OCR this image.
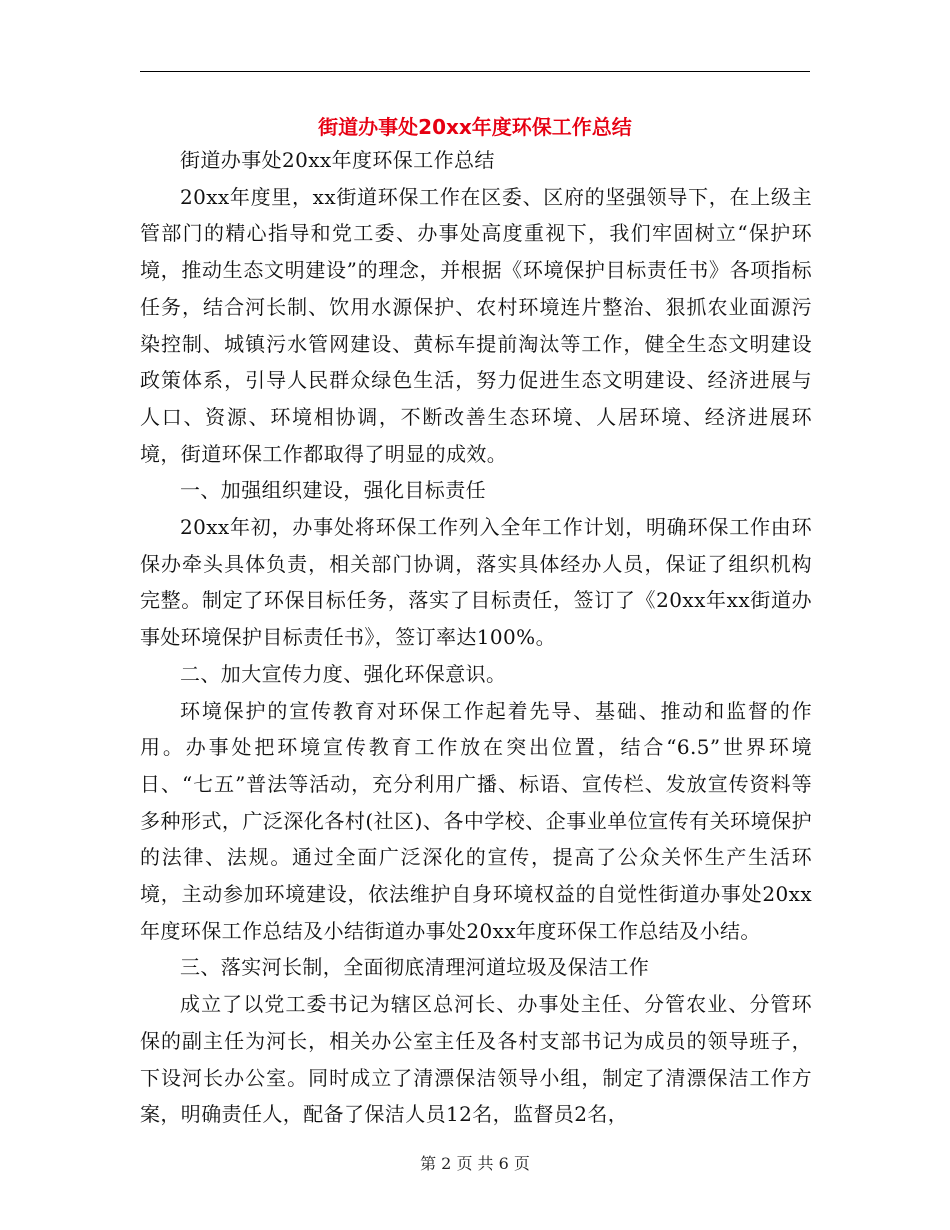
街道办事处20xx年度环保工作总结

街道办事处20xx年度环保工作总结

20xx年度里，xx街道环保工作在区委、区府的坚强领导下，在上级主管部门的精心指导和党工委、办事处高度重视下，我们牢固树立“保护环境，推动生态文明建设”的理念，并根据《环境保护目标责任书》各项指标任务，结合河长制、饮用水源保护、农村环境连片整治、狠抓农业面源污染控制、城镇污水管网建设、黄标车提前淘汰等工作，健全生态文明建设政策体系，引导人民群众绿色生活，努力促进生态文明建设、经济进展与人口、资源、环境相协调，不断改善生态环境、人居环境、经济进展环境，街道环保工作都取得了明显的成效。

一、加强组织建设，强化目标责任

20xx年初，办事处将环保工作列入全年工作计划，明确环保工作由环保办牵头具体负责，相关部门协调，落实具体经办人员，保证了组织机构完整。制定了环保目标任务，落实了目标责任，签订了《20xx年xx街道办事处环境保护目标责任书》，签订率达100%。

二、加大宣传力度、强化环保意识。

环境保护的宣传教育对环保工作起着先导、基础、推动和监督的作用。办事处把环境宣传教育工作放在突出位置，结合“6.5”世界环境日、“七五”普法等活动，充分利用广播、标语、宣传栏、发放宣传资料等多种形式，广泛深化各村(社区)、各中学校、企事业单位宣传有关环境保护的法律、法规。通过全面广泛深化的宣传，提高了公众关怀生产生活环境，主动参加环境建设，依法维护自身环境权益的自觉性街道办事处20xx年度环保工作总结及小结街道办事处20xx年度环保工作总结及小结。

三、落实河长制，全面彻底清理河道垃圾及保洁工作

成立了以党工委书记为辖区总河长、办事处主任、分管农业、分管环保的副主任为河长，相关办公室主任及各村支部书记为成员的领导班子，下设河长办公室。同时成立了清漂保洁领导小组，制定了清漂保洁工作方案，明确责任人，配备了保洁人员12名，监督员2名，

第 2 页 共 6 页
